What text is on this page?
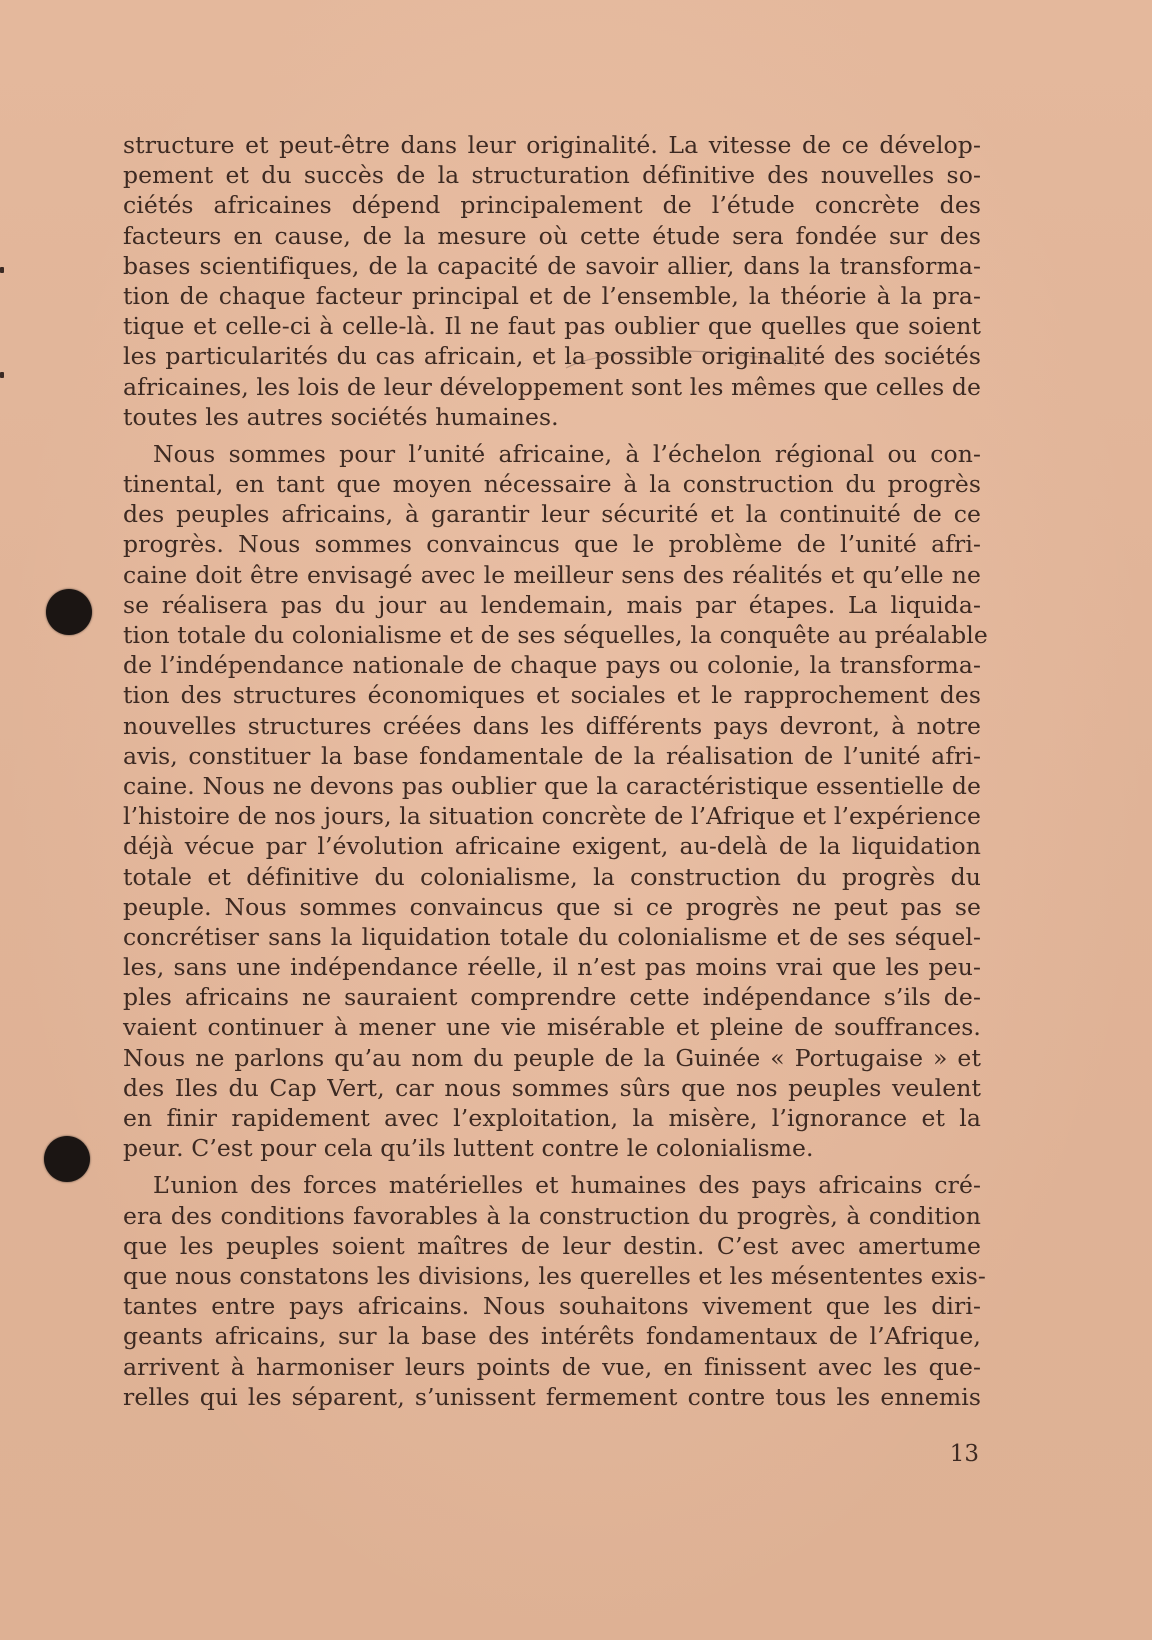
structure et peut-être dans leur originalité. La vitesse de ce dévelop-
pement et du succès de la structuration définitive des nouvelles so-
ciétés africaines dépend principalement de l’étude concrète des
facteurs en cause, de la mesure où cette étude sera fondée sur des
bases scientifiques, de la capacité de savoir allier, dans la transforma-
tion de chaque facteur principal et de l’ensemble, la théorie à la pra-
tique et celle-ci à celle-là. Il ne faut pas oublier que quelles que soient
les particularités du cas africain, et la possible originalité des sociétés
africaines, les lois de leur développement sont les mêmes que celles de
toutes les autres sociétés humaines.

Nous sommes pour l’unité africaine, à l’échelon régional ou con-
tinental, en tant que moyen nécessaire à la construction du progrès
des peuples africains, à garantir leur sécurité et la continuité de ce
progrès. Nous sommes convaincus que le problème de l’unité afri-
caine doit être envisagé avec le meilleur sens des réalités et qu’elle ne
se réalisera pas du jour au lendemain, mais par étapes. La liquida-
tion totale du colonialisme et de ses séquelles, la conquête au préalable
de l’indépendance nationale de chaque pays ou colonie, la transforma-
tion des structures économiques et sociales et le rapprochement des
nouvelles structures créées dans les différents pays devront, à notre
avis, constituer la base fondamentale de la réalisation de l’unité afri-
caine. Nous ne devons pas oublier que la caractéristique essentielle de
l’histoire de nos jours, la situation concrète de l’Afrique et l’expérience
déjà vécue par l’évolution africaine exigent, au-delà de la liquidation
totale et définitive du colonialisme, la construction du progrès du
peuple. Nous sommes convaincus que si ce progrès ne peut pas se
concrétiser sans la liquidation totale du colonialisme et de ses séquel-
les, sans une indépendance réelle, il n’est pas moins vrai que les peu-
ples africains ne sauraient comprendre cette indépendance s’ils de-
vaient continuer à mener une vie misérable et pleine de souffrances.
Nous ne parlons qu’au nom du peuple de la Guinée « Portugaise » et
des Iles du Cap Vert, car nous sommes sûrs que nos peuples veulent
en finir rapidement avec l’exploitation, la misère, l’ignorance et la
peur. C’est pour cela qu’ils luttent contre le colonialisme.

L’union des forces matérielles et humaines des pays africains cré-
era des conditions favorables à la construction du progrès, à condition
que les peuples soient maîtres de leur destin. C’est avec amertume
que nous constatons les divisions, les querelles et les mésententes exis-
tantes entre pays africains. Nous souhaitons vivement que les diri-
geants africains, sur la base des intérêts fondamentaux de l’Afrique,
arrivent à harmoniser leurs points de vue, en finissent avec les que-
relles qui les séparent, s’unissent fermement contre tous les ennemis

13
